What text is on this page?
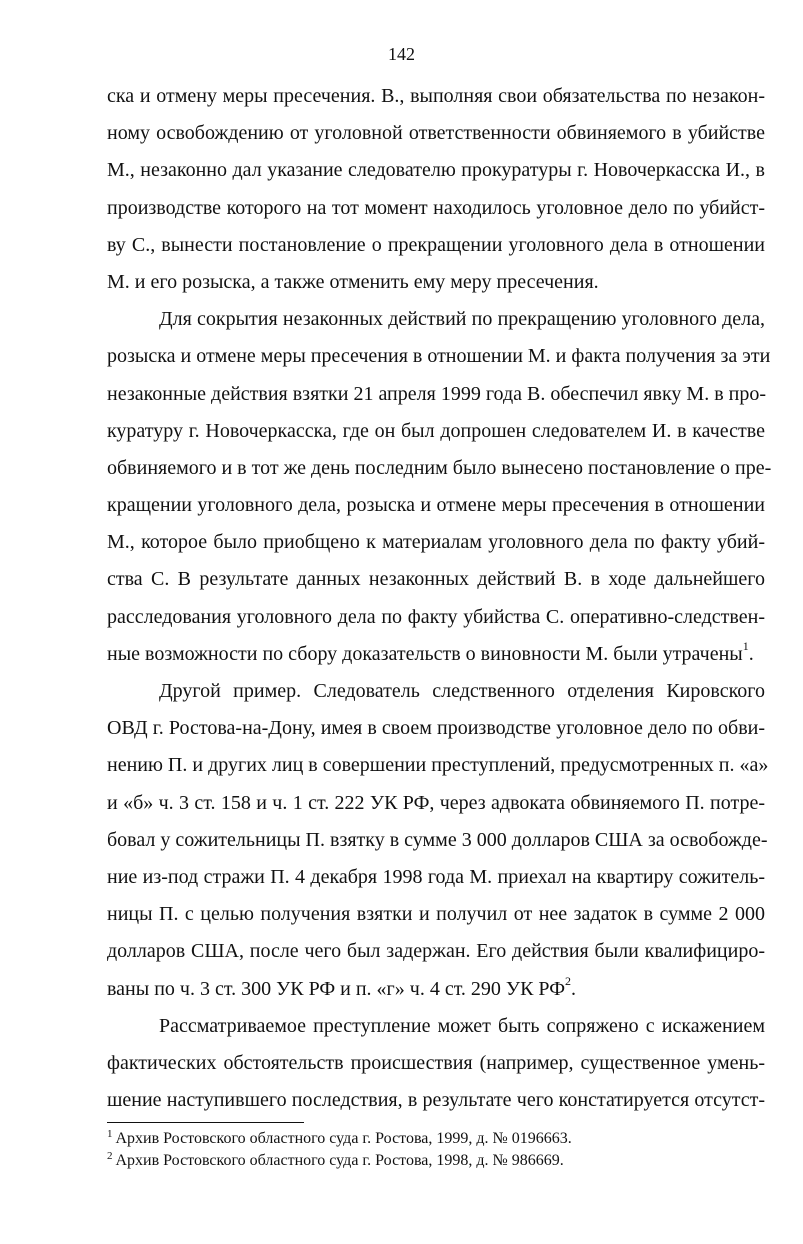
142
ска и отмену меры пресечения. В., выполняя свои обязательства по незакон-
ному освобождению от уголовной ответственности обвиняемого в убийстве
М., незаконно дал указание следователю прокуратуры г. Новочеркасска И., в
производстве которого на тот момент находилось уголовное дело по убийст-
ву С., вынести постановление о прекращении уголовного дела в отношении
М. и его розыска, а также отменить ему меру пресечения.
Для сокрытия незаконных действий по прекращению уголовного дела,
розыска и отмене меры пресечения в отношении М. и факта получения за эти
незаконные действия взятки 21 апреля 1999 года В. обеспечил явку М. в про-
куратуру г. Новочеркасска, где он был допрошен следователем И. в качестве
обвиняемого и в тот же день последним было вынесено постановление о пре-
кращении уголовного дела, розыска и отмене меры пресечения в отношении
М., которое было приобщено к материалам уголовного дела по факту убий-
ства С. В результате данных незаконных действий В. в ходе дальнейшего
расследования уголовного дела по факту убийства С. оперативно-следствен-
ные возможности по сбору доказательств о виновности М. были утрачены$^1$.
Другой пример. Следователь следственного отделения Кировского
ОВД г. Ростова-на-Дону, имея в своем производстве уголовное дело по обви-
нению П. и других лиц в совершении преступлений, предусмотренных п. «а»
и «б» ч. 3 ст. 158 и ч. 1 ст. 222 УК РФ, через адвоката обвиняемого П. потре-
бовал у сожительницы П. взятку в сумме 3 000 долларов США за освобожде-
ние из-под стражи П. 4 декабря 1998 года М. приехал на квартиру сожитель-
ницы П. с целью получения взятки и получил от нее задаток в сумме 2 000
долларов США, после чего был задержан. Его действия были квалифициро-
ваны по ч. 3 ст. 300 УК РФ и п. «г» ч. 4 ст. 290 УК $РФ^2$.
Рассматриваемое преступление может быть сопряжено с искажением
фактических обстоятельств происшествия (например, существенное умень-
шение наступившего последствия, в результате чего констатируется отсутст-
$^1$ Архив Ростовского областного суда г. Ростова, 1999, д. № 0196663.
$^2$ Архив Ростовского областного суда г. Ростова, 1998, д. № 986669.
